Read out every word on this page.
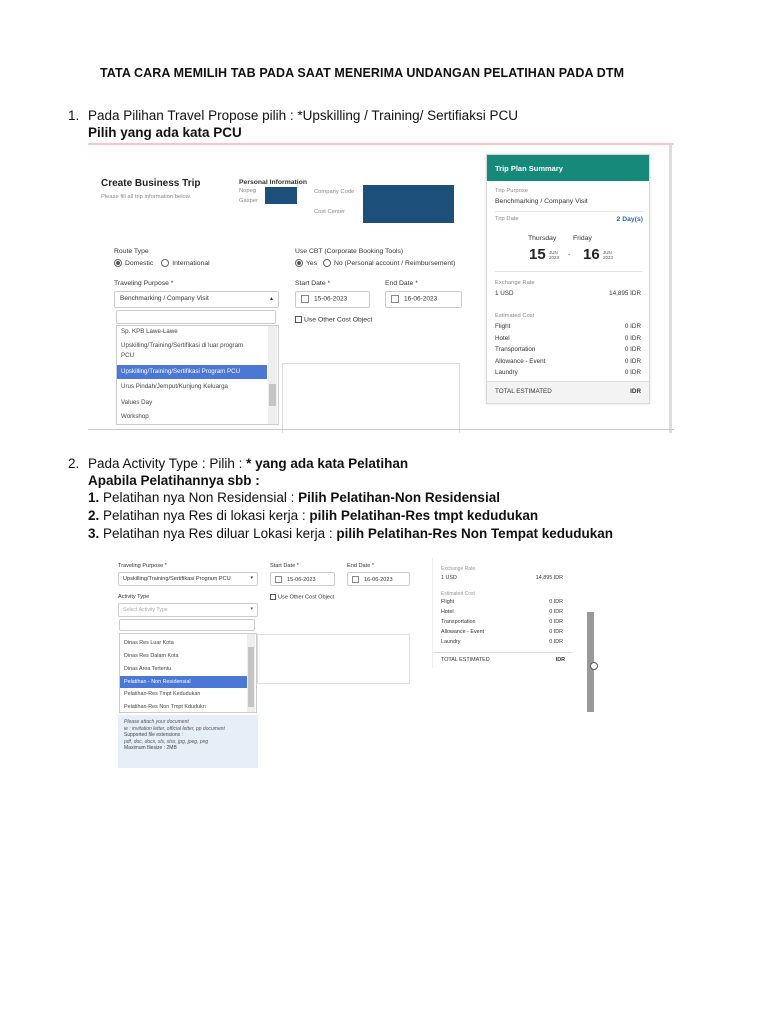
TATA CARA MEMILIH TAB PADA SAAT MENERIMA UNDANGAN PELATIHAN PADA DTM
1. Pada Pilihan Travel Propose pilih : *Upskilling / Training/ Sertifiaksi PCU
Pilih yang ada kata PCU
Create Business Trip
Please fill all trip information below.
Personal Information
Nopeg
Gasper
Company Code
Cost Center
Route Type
Domestic	International
Use CBT (Corporate Booking Tools)
Yes No (Personal account / Reimbursement)
Traveling Purpose *
Benchmarking / Company Visit	▴
Sp. KPB Lawe-Lawe
Upskilling/Training/Sertifikasi di luar program
PCU
Upskilling/Training/Sertifikasi Program PCU
Urus Pindah/Jemput/Kunjung Keluarga
Values Day
Workshop
Start Date *
15-06-2023
End Date *
16-06-2023
Use Other Cost Object
Trip Plan Summary
Trip Purpose
Benchmarking / Company Visit
Trip Date	2 Day(s)
Thursday Friday
15 JUN
2023 - 16 JUN
2023
Exchange Rate
1 USD	14,895 IDR
Estimated Cost
Flight	0 IDR
Hotel	0 IDR
Transportation	0 IDR
Allowance - Event	0 IDR
Laundry	0 IDR
TOTAL ESTIMATED	IDR
2. Pada Activity Type : Pilih : * yang ada kata Pelatihan
Apabila Pelatihannya sbb :
1. Pelatihan nya Non Residensial : Pilih Pelatihan-Non Residensial
2. Pelatihan nya Res di lokasi kerja : pilih Pelatihan-Res tmpt kedudukan
3. Pelatihan nya Res diluar Lokasi kerja : pilih Pelatihan-Res Non Tempat kedudukan
Traveling Purpose *
Upskilling/Training/Sertifikasi Program PCU	▾
Start Date *
15-06-2023
End Date *
16-06-2023
Use Other Cost Object
Activity Type
Select Activity Type	▾
Dinas Res Luar Kota
Dinas Res Dalam Kota
Dinas Area Tertentu
Pelatihan - Non Residensial
Pelatihan-Res Tmpt Kedudukan
Pelatihan-Res Non Tmpt Kdudukn
Please attach your document
ie : invitation letter, official letter, pp document
Supported file extensions :
pdf, doc, docx, xls, xlsx, jpg, jpeg, png
Maximum filesize : 2MB
Exchange Rate
1 USD	14,895 IDR
Estimated Cost
Flight	0 IDR
Hotel	0 IDR
Transportation	0 IDR
Allowance - Event	0 IDR
Laundry	0 IDR
TOTAL ESTIMATED	IDR
